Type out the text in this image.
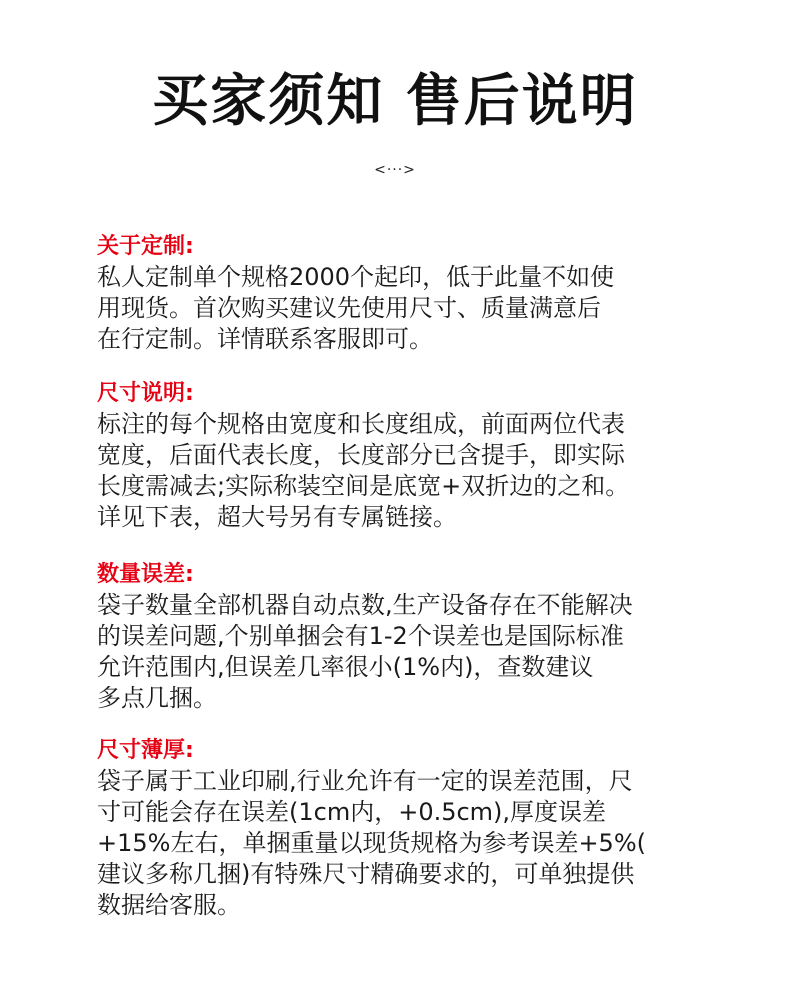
买家须知 售后说明
<···>

关于定制:

私人定制单个规格2000个起印，低于此量不如使
用现货。首次购买建议先使用尺寸、质量满意后
在行定制。详情联系客服即可。

尺寸说明:

标注的每个规格由宽度和长度组成，前面两位代表
宽度，后面代表长度，长度部分已含提手，即实际
长度需减去;实际称装空间是底宽+双折边的之和。
详见下表，超大号另有专属链接。

数量误差:

袋子数量全部机器自动点数,生产设备存在不能解决
的误差问题,个别单捆会有1-2个误差也是国际标准
允许范围内,但误差几率很小(1%内)，查数建议
多点几捆。

尺寸薄厚:

袋子属于工业印刷,行业允许有一定的误差范围，尺
寸可能会存在误差(1cm内，+0.5cm),厚度误差
+15%左右，单捆重量以现货规格为参考误差+5%(
建议多称几捆)有特殊尺寸精确要求的，可单独提供
数据给客服。
